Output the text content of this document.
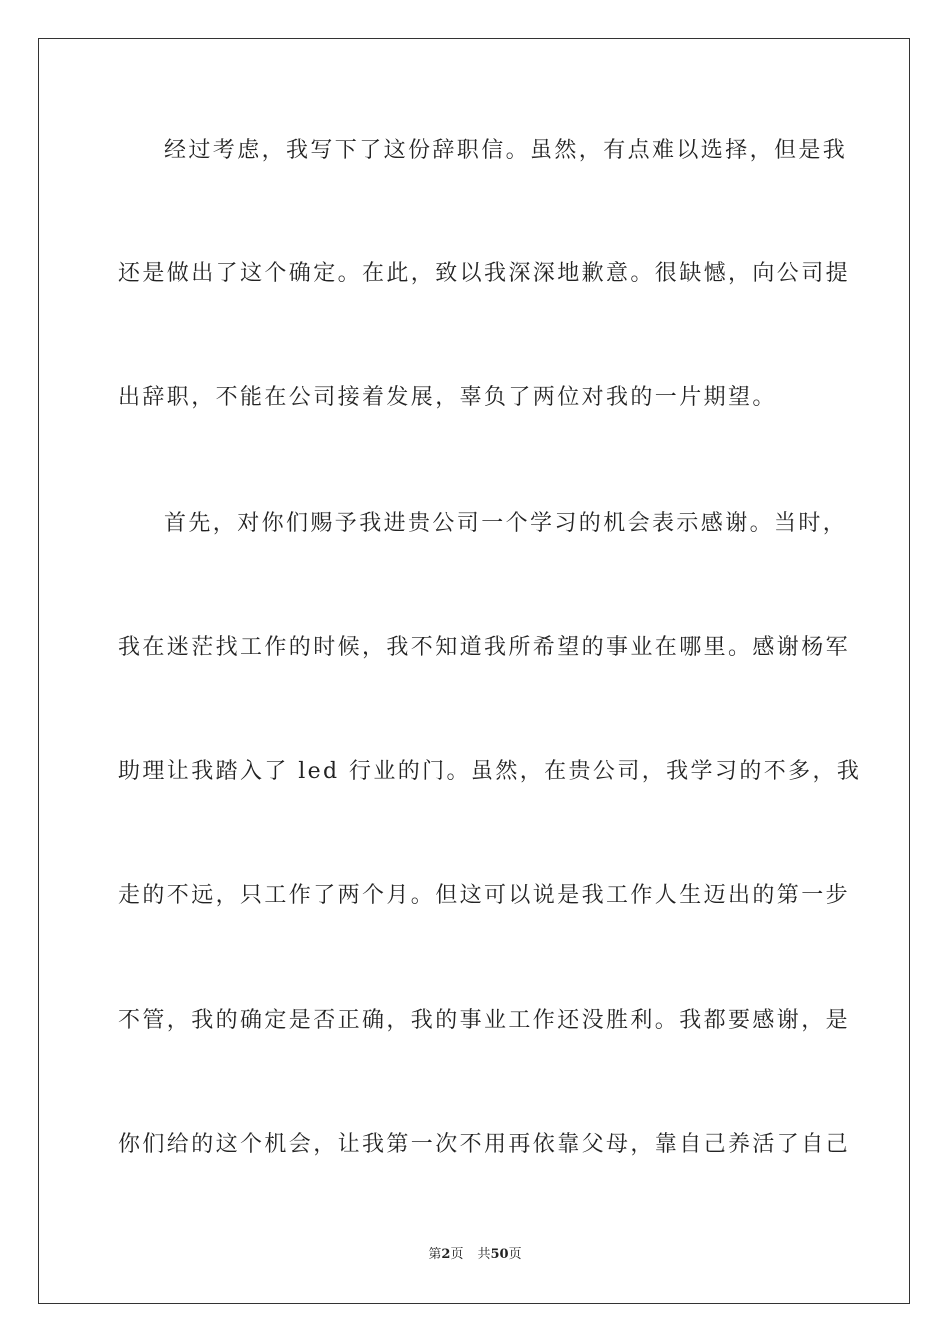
经过考虑，我写下了这份辞职信。虽然，有点难以选择，但是我
还是做出了这个确定。在此，致以我深深地歉意。很缺憾，向公司提
出辞职，不能在公司接着发展，辜负了两位对我的一片期望。
首先，对你们赐予我进贵公司一个学习的机会表示感谢。当时，
我在迷茫找工作的时候，我不知道我所希望的事业在哪里。感谢杨军
助理让我踏入了 led 行业的门。虽然，在贵公司，我学习的不多，我
走的不远，只工作了两个月。但这可以说是我工作人生迈出的第一步
不管，我的确定是否正确，我的事业工作还没胜利。我都要感谢，是
你们给的这个机会，让我第一次不用再依靠父母，靠自己养活了自己
第2页 共50页
